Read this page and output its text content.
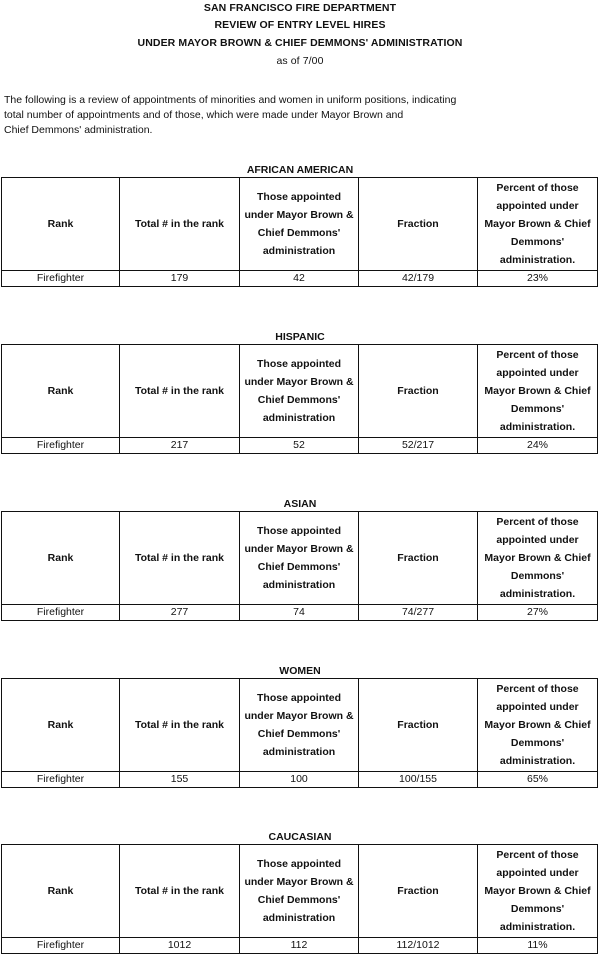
SAN FRANCISCO FIRE DEPARTMENT
REVIEW OF ENTRY LEVEL HIRES
UNDER MAYOR BROWN & CHIEF DEMMONS' ADMINISTRATION
as of 7/00
The following is a review of appointments of minorities and women in uniform positions, indicating
total number of appointments and of those, which were made under Mayor Brown and
Chief Demmons' administration.
AFRICAN AMERICAN
Rank	Total # in the rank	Those appointed under Mayor Brown & Chief Demmons' administration	Fraction	Percent of those appointed under Mayor Brown & Chief Demmons' administration.
Firefighter	179	42	42/179	23%
HISPANIC
Rank	Total # in the rank	Those appointed under Mayor Brown & Chief Demmons' administration	Fraction	Percent of those appointed under Mayor Brown & Chief Demmons' administration.
Firefighter	217	52	52/217	24%
ASIAN
Rank	Total # in the rank	Those appointed under Mayor Brown & Chief Demmons' administration	Fraction	Percent of those appointed under Mayor Brown & Chief Demmons' administration.
Firefighter	277	74	74/277	27%
WOMEN
Rank	Total # in the rank	Those appointed under Mayor Brown & Chief Demmons' administration	Fraction	Percent of those appointed under Mayor Brown & Chief Demmons' administration.
Firefighter	155	100	100/155	65%
CAUCASIAN
Rank	Total # in the rank	Those appointed under Mayor Brown & Chief Demmons' administration	Fraction	Percent of those appointed under Mayor Brown & Chief Demmons' administration.
Firefighter	1012	112	112/1012	11%
